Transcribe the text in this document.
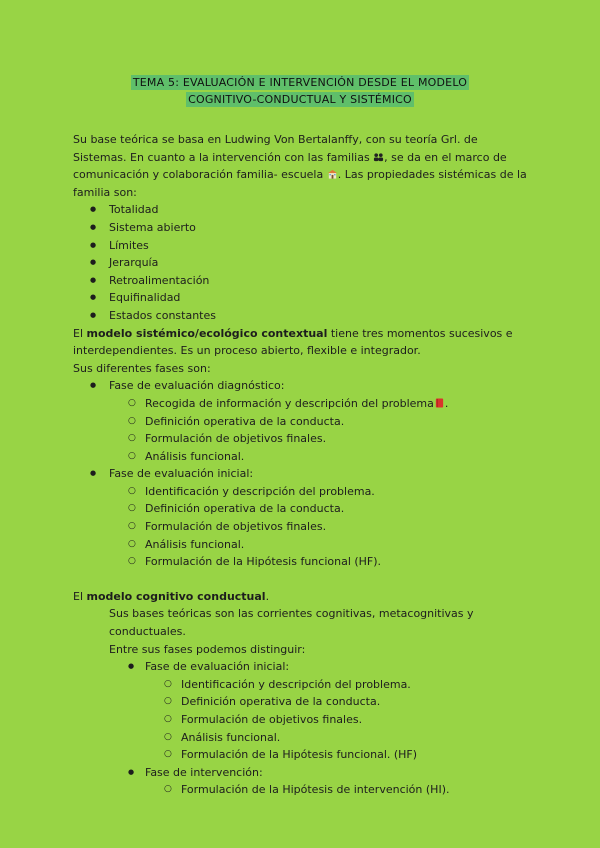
TEMA 5: EVALUACIÓN E INTERVENCIÓN DESDE EL MODELO
COGNITIVO-CONDUCTUAL Y SISTÉMICO

Su base teórica se basa en Ludwing Von Bertalanffy, con su teoría Grl. de Sistemas. En cuanto a la intervención con las familias , se da en el marco de comunicación y colaboración familia- escuela . Las propiedades sistémicas de la familia son:

● Totalidad
● Sistema abierto
● Límites
● Jerarquía
● Retroalimentación
● Equifinalidad
● Estados constantes

El modelo sistémico/ecológico contextual tiene tres momentos sucesivos e interdependientes. Es un proceso abierto, flexible e integrador.

Sus diferentes fases son:

● Fase de evaluación diagnóstico:
○ Recogida de información y descripción del problema .
○ Definición operativa de la conducta.
○ Formulación de objetivos finales.
○ Análisis funcional.
● Fase de evaluación inicial:
○ Identificación y descripción del problema.
○ Definición operativa de la conducta.
○ Formulación de objetivos finales.
○ Análisis funcional.
○ Formulación de la Hipótesis funcional (HF).

El modelo cognitivo conductual.

Sus bases teóricas son las corrientes cognitivas, metacognitivas y conductuales.

Entre sus fases podemos distinguir:

● Fase de evaluación inicial:
○ Identificación y descripción del problema.
○ Definición operativa de la conducta.
○ Formulación de objetivos finales.
○ Análisis funcional.
○ Formulación de la Hipótesis funcional. (HF)
● Fase de intervención:
○ Formulación de la Hipótesis de intervención (HI).
